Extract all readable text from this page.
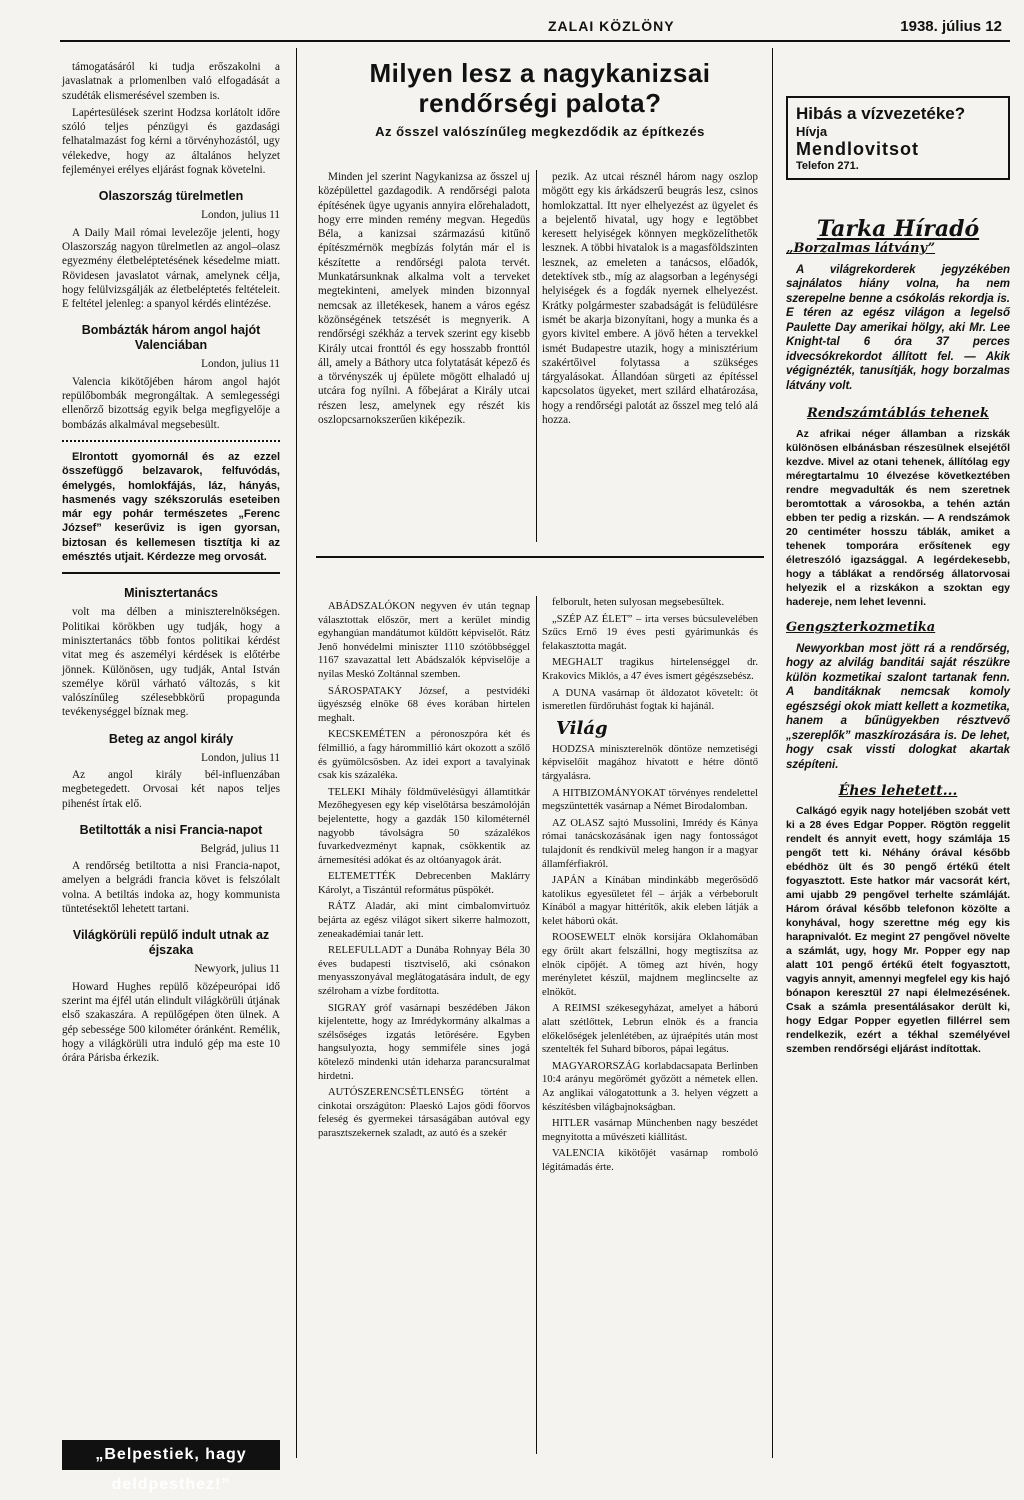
ZALAI KÖZLÖNY	1938. július 12

támogatásáról ki tudja erőszakolni a javaslatnak a prlomenlben való elfogadását a szudéták elismerésével szemben is.

Lapértesülések szerint Hodzsa korlátolt időre szóló teljes pénzügyi és gazdasági felhatalmazást fog kérni a törvényhozástól, ugy vélekedve, hogy az általános helyzet fejleményei erélyes eljárást fognak követelni.

Olaszország türelmetlen

London, julius 11

A Daily Mail római levelezője jelenti, hogy Olaszország nagyon türelmetlen az angol–olasz egyezmény életbeléptetésének késedelme miatt. Rövidesen javaslatot várnak, amelynek célja, hogy felülvizsgálják az életbeléptetés feltételeit. E feltétel jelenleg: a spanyol kérdés elintézése.

Bombázták három angol hajót Valenciában

London, julius 11

Valencia kikötőjében három angol hajót repülőbombák megrongáltak. A semlegességi ellenőrző bizottság egyik belga megfigyelője a bombázás alkalmával megsebesült.

Elrontott gyomornál és az ezzel összefüggő belzavarok, felfuvódás, émelygés, homlokfájás, láz, hányás, hasmenés vagy székszorulás eseteiben már egy pohár természetes „Ferenc József” keserűviz is igen gyorsan, biztosan és kellemesen tisztítja ki az emésztés utjait. Kérdezze meg orvosát.

Minisztertanács

volt ma délben a miniszterelnökségen. Politikai körökben ugy tudják, hogy a minisztertanács több fontos politikai kérdést vitat meg és aszemélyi kérdések is előtérbe jönnek. Különösen, ugy tudják, Antal István személye körül várható változás, s kit valószínűleg szélesebbkörű propagunda tevékenységgel bíznak meg.

Beteg az angol király

London, julius 11

Az angol király bél-influenzában megbetegedett. Orvosai két napos teljes pihenést írtak elő.

Betiltották a nisi Francia-napot

Belgrád, julius 11

A rendőrség betiltotta a nisi Francia-napot, amelyen a belgrádi francia követ is felszólalt volna. A betiltás indoka az, hogy kommunista tüntetésektől lehetett tartani.

Világkörüli repülő indult utnak az éjszaka

Newyork, julius 11

Howard Hughes repülő középeurópai idő szerint ma éjfél után elindult világkörüli útjának első szakaszára. A repülőgépen öten ülnek. A gép sebessége 500 kilométer óránként. Remélik, hogy a világkörüli utra induló gép ma este 10 órára Párisba érkezik.

„Belpestiek, hagy deldpesthez!”
Milyen lesz a nagykanizsai rendőrségi palota?
Az ősszel valószínűleg megkezdődik az építkezés

Minden jel szerint Nagykanizsa az ősszel uj középülettel gazdagodik. A rendőrségi palota építésének ügye ugyanis annyira előrehaladott, hogy erre minden remény megvan. Hegedüs Béla, a kanizsai származású kitűnő építészmérnök megbízás folytán már el is készítette a rendőrségi palota tervét. Munkatársunknak alkalma volt a terveket megtekinteni, amelyek minden bizonnyal nemcsak az illetékesek, hanem a város egész közönségének tetszését is megnyerik. A rendőrségi székház a tervek szerint egy kisebb Király utcai fronttól és egy hosszabb fronttól áll, amely a Báthory utca folytatását képező és a törvényszék uj épülete mögött elhaladó uj utcára fog nyílni. A főbejárat a Király utcai részen lesz, amelynek egy részét kis oszlopcsarnokszerűen kiképezik.

pezik. Az utcai résznél három nagy oszlop mögött egy kis árkádszerű beugrás lesz, csinos homlokzattal. Itt nyer elhelyezést az ügyelet és a bejelentő hivatal, ugy hogy e legtöbbet keresett helyiségek könnyen megközelíthetők lesznek. A többi hivatalok is a magasföldszinten lesznek, az emeleten a tanácsos, előadók, detektívek stb., míg az alagsorban a legénységi helyiségek és a fogdák nyernek elhelyezést. Krátky polgármester szabadságát is felüdülésre ismét be akarja bizonyítani, hogy a munka és a gyors kivitel embere. A jövő héten a tervekkel ismét Budapestre utazik, hogy a minisztérium szakértőivel folytassa a szükséges tárgyalásokat. Állandóan sürgeti az építéssel kapcsolatos ügyeket, mert szilárd elhatározása, hogy a rendőrségi palotát az ősszel meg teló alá hozza.

ABÁDSZALÓKON negyven év után tegnap választottak először, mert a kerület mindig egyhangúan mandátumot küldött képviselőt. Rátz Jenő honvédelmi miniszter 1110 szótöbbséggel 1167 szavazattal lett Abádszalók képviselője a nyilas Meskó Zoltánnal szemben.

SÁROSPATAKY József, a pestvidéki ügyészség elnöke 68 éves korában hirtelen meghalt.

KECSKEMÉTEN a péronoszpóra két és félmillió, a fagy hárommillió kárt okozott a szőlő és gyümölcsösben. Az idei export a tavalyinak csak kis százaléka.

TELEKI Mihály földművelésügyi államtitkár Mezőhegyesen egy kép viselőtársa beszámolóján bejelentette, hogy a gazdák 150 kilométernél nagyobb távolságra 50 százalékos fuvarkedvezményt kapnak, csökkentik az árnemesítési adókat és az oltóanyagok árát.

ELTEMETTÉK Debrecenben Maklárry Károlyt, a Tiszántúl református püspökét.

RÁTZ Aladár, aki mint cimbalomvirtuóz bejárta az egész világot sikert sikerre halmozott, zeneakadémiai tanár lett.

RELEFULLADT a Dunába Rohnyay Béla 30 éves budapesti tisztviselő, aki csónakon menyasszonyával meglátogatására indult, de egy szélroham a vízbe fordította.

SIGRAY gróf vasárnapi beszédében Jákon kijelentette, hogy az Imrédykormány alkalmas a szélsőséges izgatás letörésére. Egyben hangsulyozta, hogy semmiféle sines jogá kötelező mindenki után ideharza parancsuralmat hirdetni.

AUTÓSZERENCSÉTLENSÉG történt a cinkotai országúton: Plaeskó Lajos gödi főorvos feleség és gyermekei társaságában autóval egy parasztszekernek szaladt, az autó és a szekér

felborult, heten sulyosan megsebesültek.

„SZÉP AZ ÉLET” – irta verses búcsulevelében Szűcs Ernő 19 éves pesti gyárimunkás és felakasztotta magát.

MEGHALT tragikus hirtelenséggel dr. Krakovics Miklós, a 47 éves ismert gégészsebész.

A DUNA vasárnap öt áldozatot követelt: öt ismeretlen fürdőruhást fogtak ki hajánál.

Világ

HODZSA miniszterelnök döntöze nemzetiségi képviselőit magához hívatott e hétre döntő tárgyalásra.

A HITBIZOMÁNYOKAT törvényes rendelettel megszüntették vasárnap a Német Birodalomban.

AZ OLASZ sajtó Mussolini, Imrédy és Kánya római tanácskozásának igen nagy fontosságot tulajdonít és rendkívül meleg hangon ír a magyar államférfiakról.

JAPÁN a Kínában mindinkább megerősödő katolikus egyesületet fél – árják a vérbeborult Kínából a magyar hittérítők, akik eleben látják a kelet háború okát.

ROOSEWELT elnök korsijára Oklahomában egy őrült akart felszállni, hogy megtiszítsa az elnök cipőjét. A tömeg azt hívén, hogy merényletet készül, majdnem meglincselte az elnököt.

A REIMSI székesegyházat, amelyet a háború alatt szétlőttek, Lebrun elnök és a francia előkelőségek jelenlétében, az újraépítés után most szentelték fel Suhard bíboros, pápai legátus.

MAGYARORSZÁG korlabdacsapata Berlinben 10:4 arányu megörömét győzött a németek ellen. Az anglikai válogatottunk a 3. helyen végzett a készítésben világbajnokságban.

HITLER vasárnap Münchenben nagy beszédet megnyitotta a művészeti kiállítást.

VALENCIA kikötőjét vasárnap romboló légitámadás érte.

Hibás a vízvezetéke?
Hívja
Mendlovitsot
Telefon 271.
Tarka Híradó
„Borzalmas látvány”

A világrekorderek jegyzékében sajnálatos hiány volna, ha nem szerepelne benne a csókolás rekordja is. E téren az egész világon a legelső Paulette Day amerikai hölgy, aki Mr. Lee Knight-tal 6 óra 37 perces idvecsókrekordot állított fel. — Akik végignézték, tanusítják, hogy borzalmas látvány volt.

Rendszámtáblás tehenek

Az afrikai néger államban a rizskák különösen elbánásban részesülnek elsejétől kezdve. Mivel az otani tehenek, állítólag egy méregtartalmu 10 élvezése következtében rendre megvadulták és nem szeretnek beromtottak a városokba, a tehén aztán ebben ter pedig a rizskán. — A rendszámok 20 centiméter hosszu táblák, amiket a tehenek tomporára erősítenek egy életreszóló igazsággal. A legérdekesebb, hogy a táblákat a rendőrség állatorvosai helyezik el a rizskákon a szoktan egy hadereje, nem lehet levenni.

Gengszterkozmetika

Newyorkban most jött rá a rendőrség, hogy az alvilág banditái saját részükre külön kozmetikai szalont tartanak fenn. A banditáknak nemcsak komoly egészségi okok miatt kellett a kozmetika, hanem a bűnügyekben résztvevő „szereplők” maszkírozására is. De lehet, hogy csak vissti dologkat akartak szépíteni.

Éhes lehetett...

Calkágó egyik nagy hoteljében szobát vett ki a 28 éves Edgar Popper. Rögtön reggelit rendelt és annyit evett, hogy számlája 15 pengőt tett ki. Néhány órával később ebédhöz ült és 30 pengő értékű ételt fogyasztott. Este hatkor már vacsorát kért, ami ujabb 29 pengővel terhelte számláját. Három órával később telefonon közölte a konyhával, hogy szerettne még egy kis harapnivalót. Ez megint 27 pengővel növelte a számlát, ugy, hogy Mr. Popper egy nap alatt 101 pengő értékű ételt fogyasztott, vagyis annyit, amennyi megfelel egy kis hajó bónapon keresztül 27 napi élelmezésének. Csak a számla presentálásakor derült ki, hogy Edgar Popper egyetlen fillérrel sem rendelkezik, ezért a tékhal személyével szemben rendőrségi eljárást indítottak.
